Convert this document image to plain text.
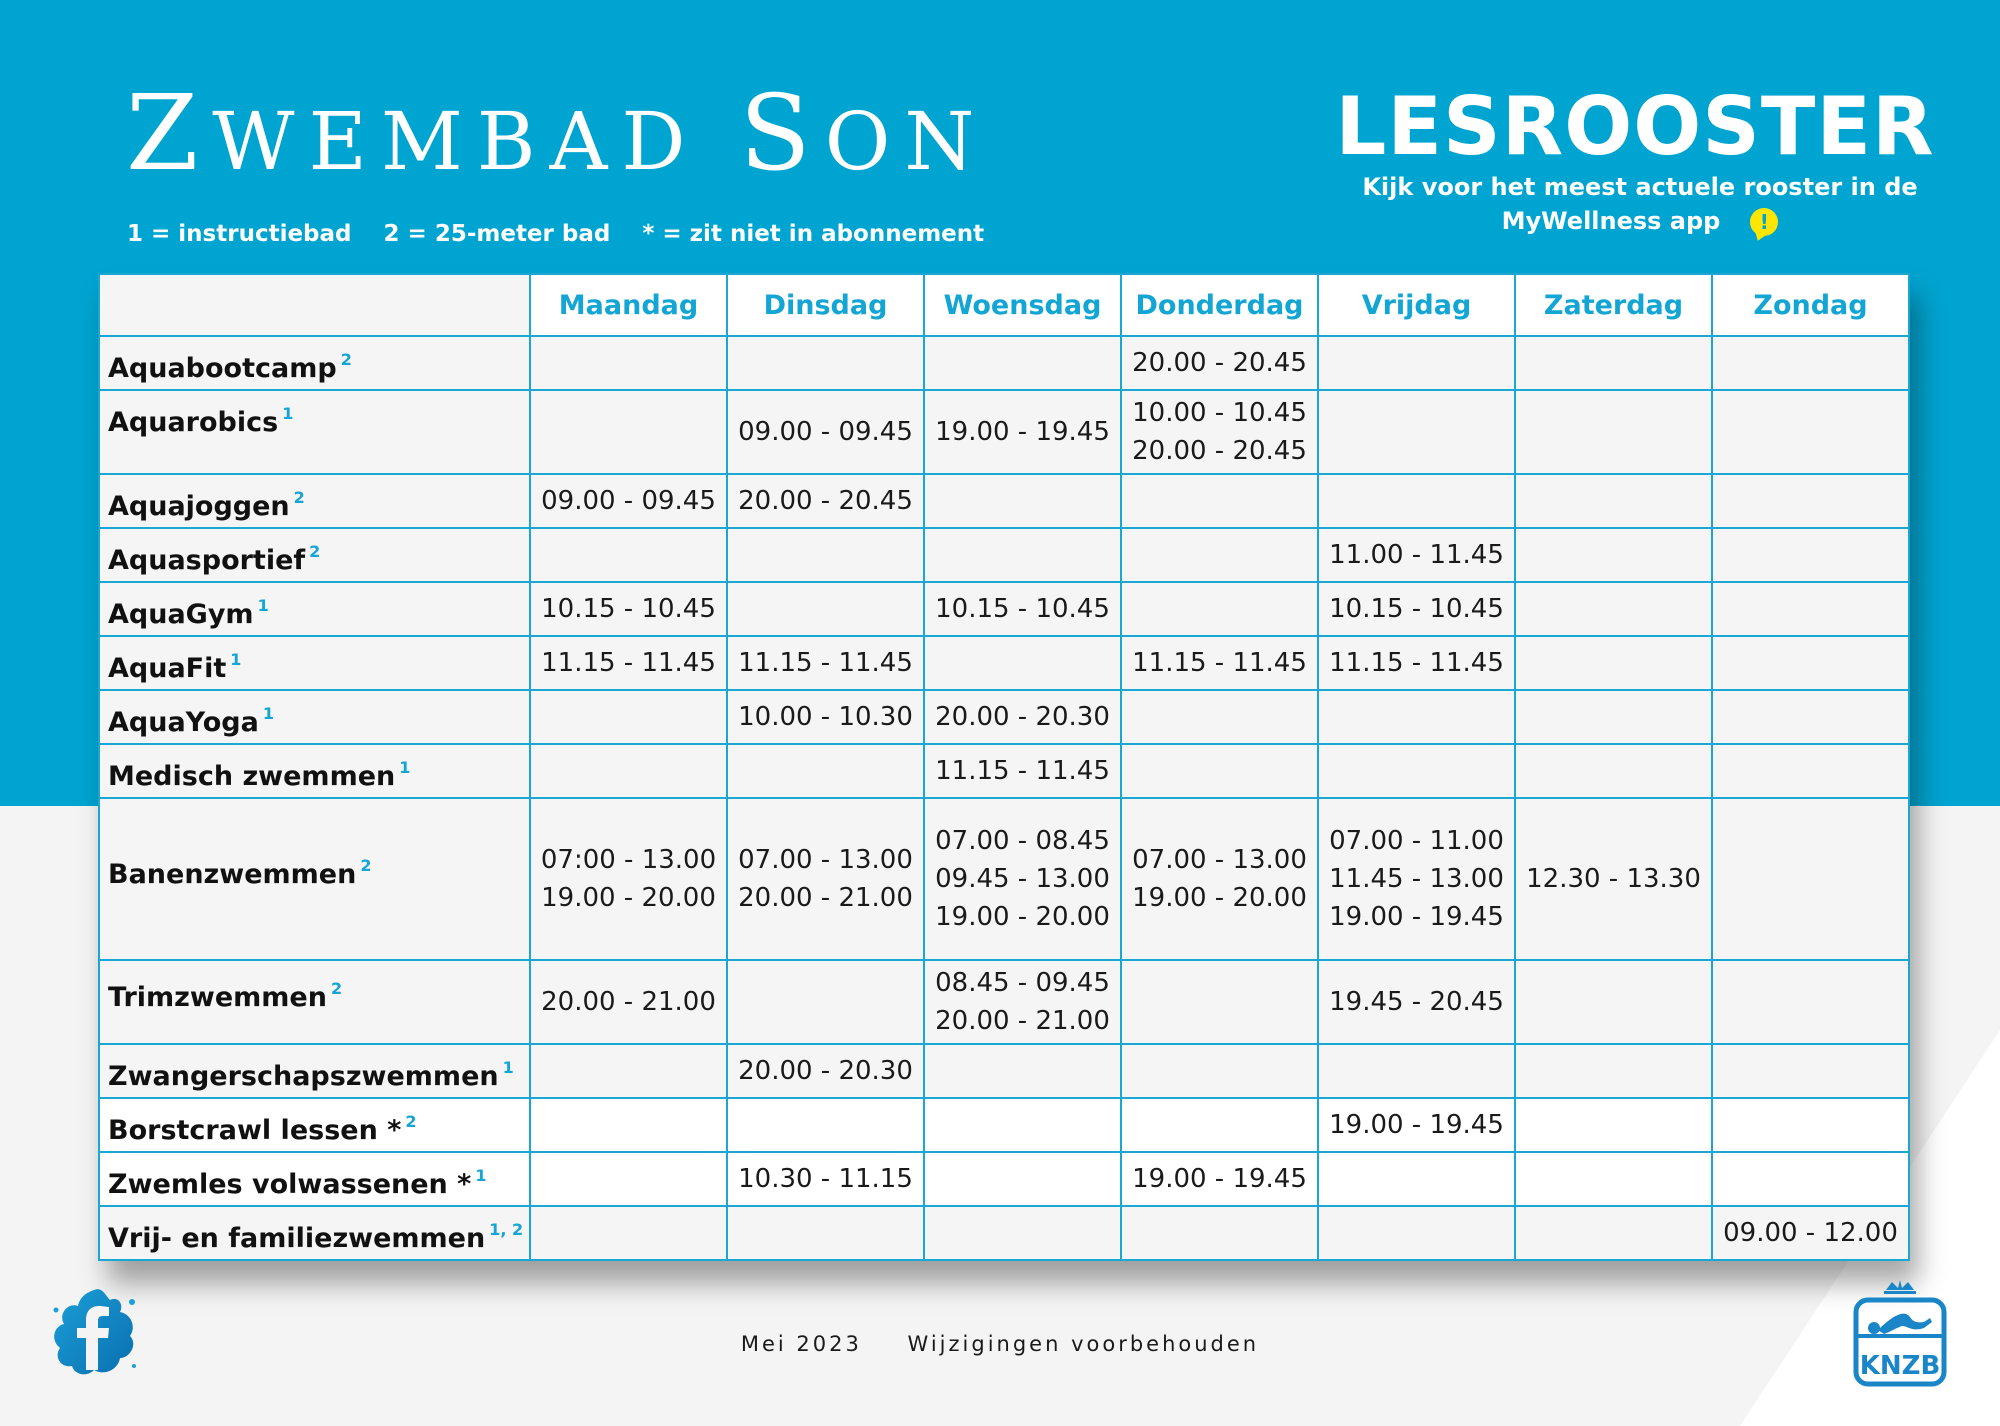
ZWEMBAD SON
1 = instructiebad 2 = 25-meter bad * = zit niet in abonnement
LESROOSTER
Kijk voor het meest actuele rooster in de
MyWellness app !
	Maandag	Dinsdag	Woensdag	Donderdag	Vrijdag	Zaterdag	Zondag
Aquabootcamp $^2$				20.00 - 20.45			

Aquarobics $^1$		09.00 - 09.45	19.00 - 19.45	10.00 - 10.45
20.00 - 20.45			

Aquajoggen $^2$	09.00 - 09.45	20.00 - 20.45					

Aquasportief $^2$					11.00 - 11.45		

AquaGym $^1$	10.15 - 10.45		10.15 - 10.45		10.15 - 10.45		

AquaFit $^1$	11.15 - 11.45	11.15 - 11.45		11.15 - 11.45	11.15 - 11.45		

AquaYoga $^1$		10.00 - 10.30	20.00 - 20.30				

Medisch zwemmen $^1$			11.15 - 11.45				

Banenzwemmen $^2$	07:00 - 13.00
19.00 - 20.00	07.00 - 13.00
20.00 - 21.00	07.00 - 08.45
09.45 - 13.00
19.00 - 20.00	07.00 - 13.00
19.00 - 20.00	07.00 - 11.00
11.45 - 13.00
19.00 - 19.45	12.30 - 13.30	

Trimzwemmen $^2$	20.00 - 21.00		08.45 - 09.45
20.00 - 21.00		19.45 - 20.45		

Zwangerschapszwemmen $^1$		20.00 - 20.30					

Borstcrawl lessen * $^2$					19.00 - 19.45		

Zwemles volwassenen * $^1$		10.30 - 11.15		19.00 - 19.45			

Vrij- en familiezwemmen $^{1, 2}$							09.00 - 12.00
KNZB
Mei 2023 Wijzigingen voorbehouden
